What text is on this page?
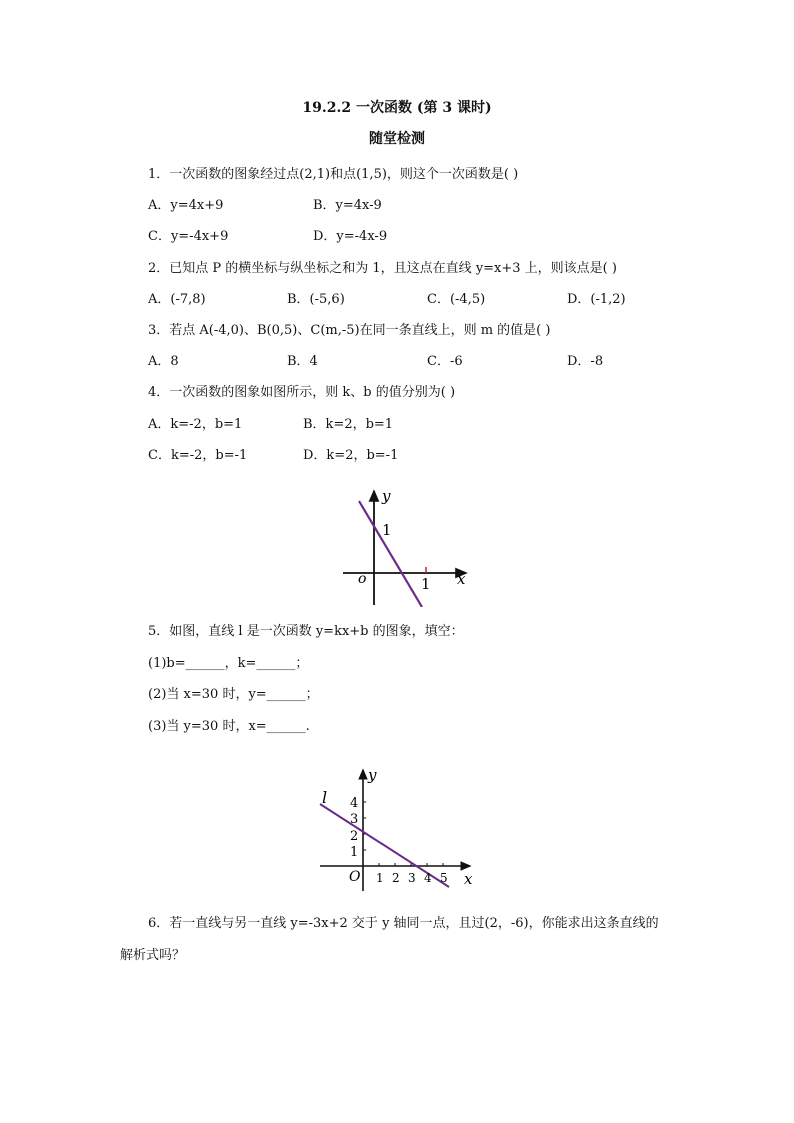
19.2.2 一次函数 (第 3 课时)
随堂检测
1．一次函数的图象经过点(2,1)和点(1,5)，则这个一次函数是( )
A．y=4x+9	B．y=4x-9
C．y=-4x+9	D．y=-4x-9
2．已知点 P 的横坐标与纵坐标之和为 1，且这点在直线 y=x+3 上，则该点是( )
A．(-7,8)	B．(-5,6)	C．(-4,5)	D．(-1,2)
3．若点 A(-4,0)、B(0,5)、C(m,-5)在同一条直线上，则 m 的值是( )
A．8	B．4	C．-6	D．-8
4．一次函数的图象如图所示，则 k、b 的值分别为( )
A．k=-2，b=1	B．k=2，b=1
C．k=-2，b=-1	D．k=2，b=-1
y
1
o	1 x
5．如图，直线 l 是一次函数 y=kx+b 的图象，填空：
(1)b=______，k=______；
(2)当 x=30 时，y=______；
(3)当 y=30 时，x=______.
l
y
4
3
2
1
O 1 2 3 4 5 x
6．若一直线与另一直线 y=-3x+2 交于 y 轴同一点，且过(2，-6)，你能求出这条直线的
解析式吗？
